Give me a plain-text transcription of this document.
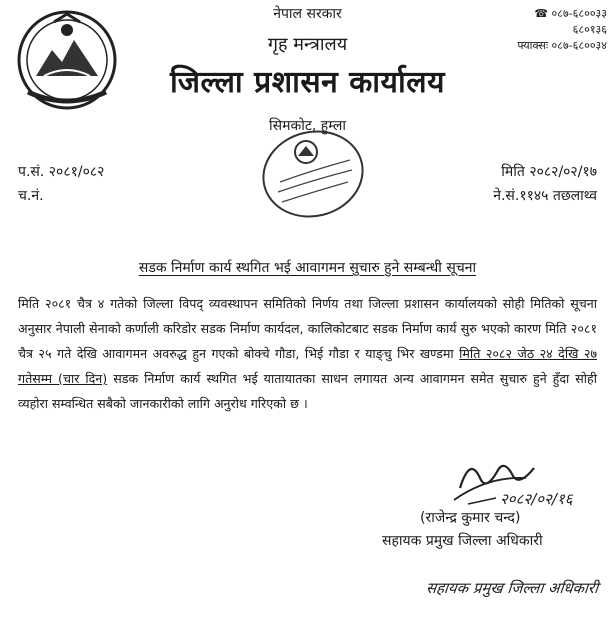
नेपाल सरकार
गृह मन्त्रालय
जिल्ला प्रशासन कार्यालय
सिमकोट, हुम्ला
☎ ०८७-६८००३३
६८०१३६
फ्याक्सः ०८७-६८००३४
प.सं. २०८१/०८२
च.नं.
मिति २०८२/०२/१७
ने.सं.११४५ तछलाथ्व
सडक निर्माण कार्य स्थगित भई आवागमन सुचारु हुने सम्बन्धी सूचना
मिति २०८१ चैत्र ४ गतेको जिल्ला विपद् व्यवस्थापन समितिको निर्णय तथा जिल्ला प्रशासन कार्यालयको सोही मितिको सूचना अनुसार नेपाली सेनाको कर्णाली करिडोर सडक निर्माण कार्यदल, कालिकोटबाट सडक निर्माण कार्य सुरु भएको कारण मिति २०८१ चैत्र २५ गते देखि आवागमन अवरुद्ध हुन गएको बोक्चे गौडा, भिई गौडा र याङ्चु भिर खण्डमा मिति २०८२ जेठ २४ देखि २७ गतेसम्म (चार दिन) सडक निर्माण कार्य स्थगित भई यातायातका साधन लगायत अन्य आवागमन समेत सुचारु हुने हुँदा सोही व्यहोरा सम्वन्धित सबैको जानकारीको लागि अनुरोध गरिएको छ ।
२०८२/०२/१६
(राजेन्द्र कुमार चन्द)
सहायक प्रमुख जिल्ला अधिकारी
सहायक प्रमुख जिल्ला अधिकारी
